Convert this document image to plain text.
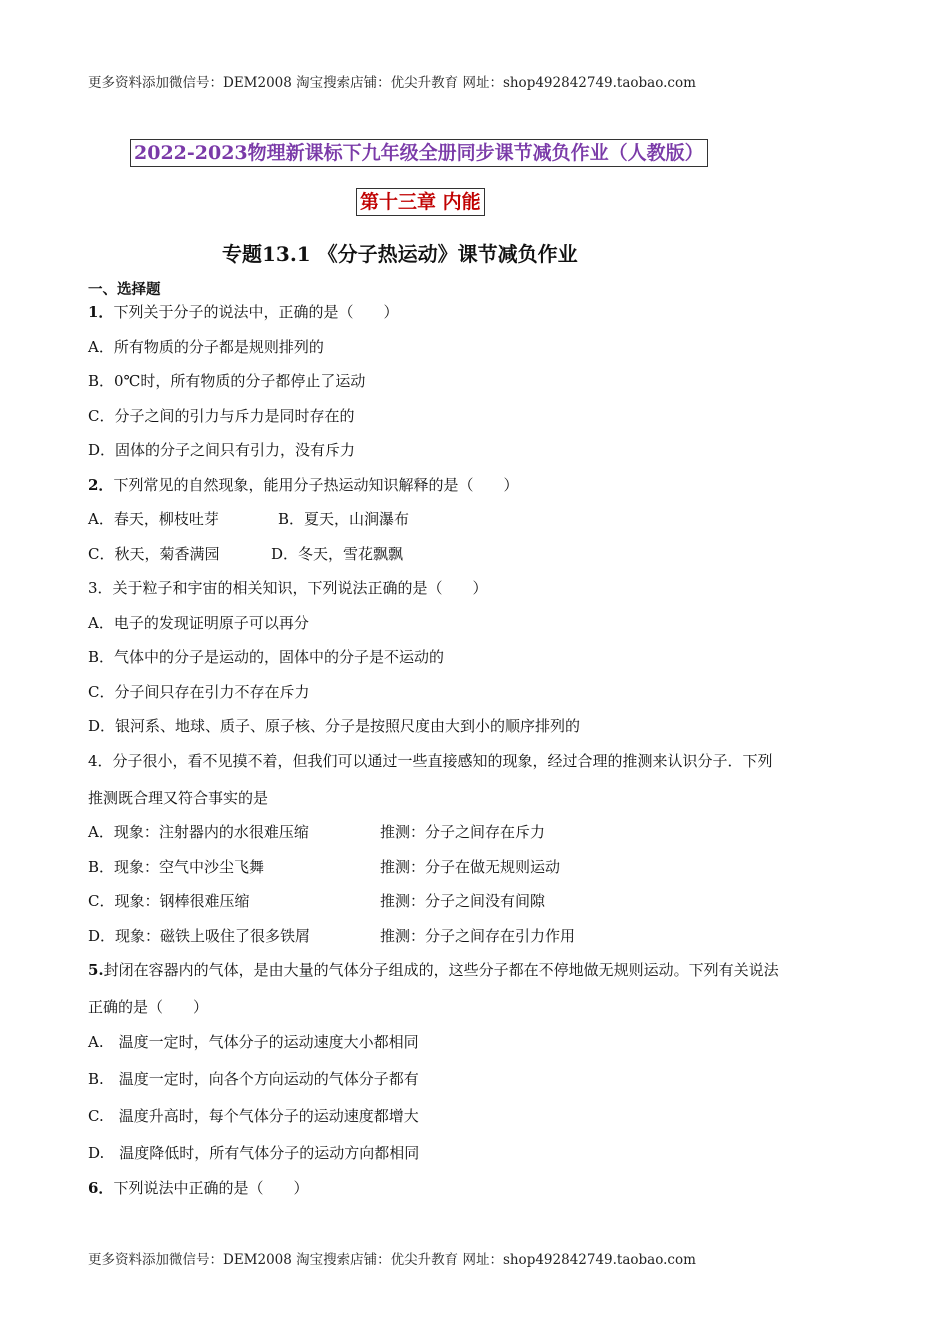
更多资料添加微信号：DEM2008 淘宝搜索店铺：优尖升教育 网址：shop492842749.taobao.com
2022-2023物理新课标下九年级全册同步课节减负作业（人教版）
第十三章 内能
专题13.1 《分子热运动》课节减负作业
一、选择题
1．下列关于分子的说法中，正确的是（　　）
A．所有物质的分子都是规则排列的
B．0℃时，所有物质的分子都停止了运动
C．分子之间的引力与斥力是同时存在的
D．固体的分子之间只有引力，没有斥力
2．下列常见的自然现象，能用分子热运动知识解释的是（　　）
A．春天，柳枝吐芽	B．夏天，山涧瀑布
C．秋天，菊香满园	D．冬天，雪花飘飘
3．关于粒子和宇宙的相关知识，下列说法正确的是（　　）
A．电子的发现证明原子可以再分
B．气体中的分子是运动的，固体中的分子是不运动的
C．分子间只存在引力不存在斥力
D．银河系、地球、质子、原子核、分子是按照尺度由大到小的顺序排列的
4．分子很小，看不见摸不着，但我们可以通过一些直接感知的现象，经过合理的推测来认识分子．下列
推测既合理又符合事实的是
A．现象：注射器内的水很难压缩	推测：分子之间存在斥力
B．现象：空气中沙尘飞舞	推测：分子在做无规则运动
C．现象：钢棒很难压缩	推测：分子之间没有间隙
D．现象：磁铁上吸住了很多铁屑	推测：分子之间存在引力作用
5.封闭在容器内的气体，是由大量的气体分子组成的，这些分子都在不停地做无规则运动。下列有关说法
正确的是（　　）
A.　温度一定时，气体分子的运动速度大小都相同
B.　温度一定时，向各个方向运动的气体分子都有
C.　温度升高时，每个气体分子的运动速度都增大
D.　温度降低时，所有气体分子的运动方向都相同
6．下列说法中正确的是（　　）
更多资料添加微信号：DEM2008 淘宝搜索店铺：优尖升教育 网址：shop492842749.taobao.com
